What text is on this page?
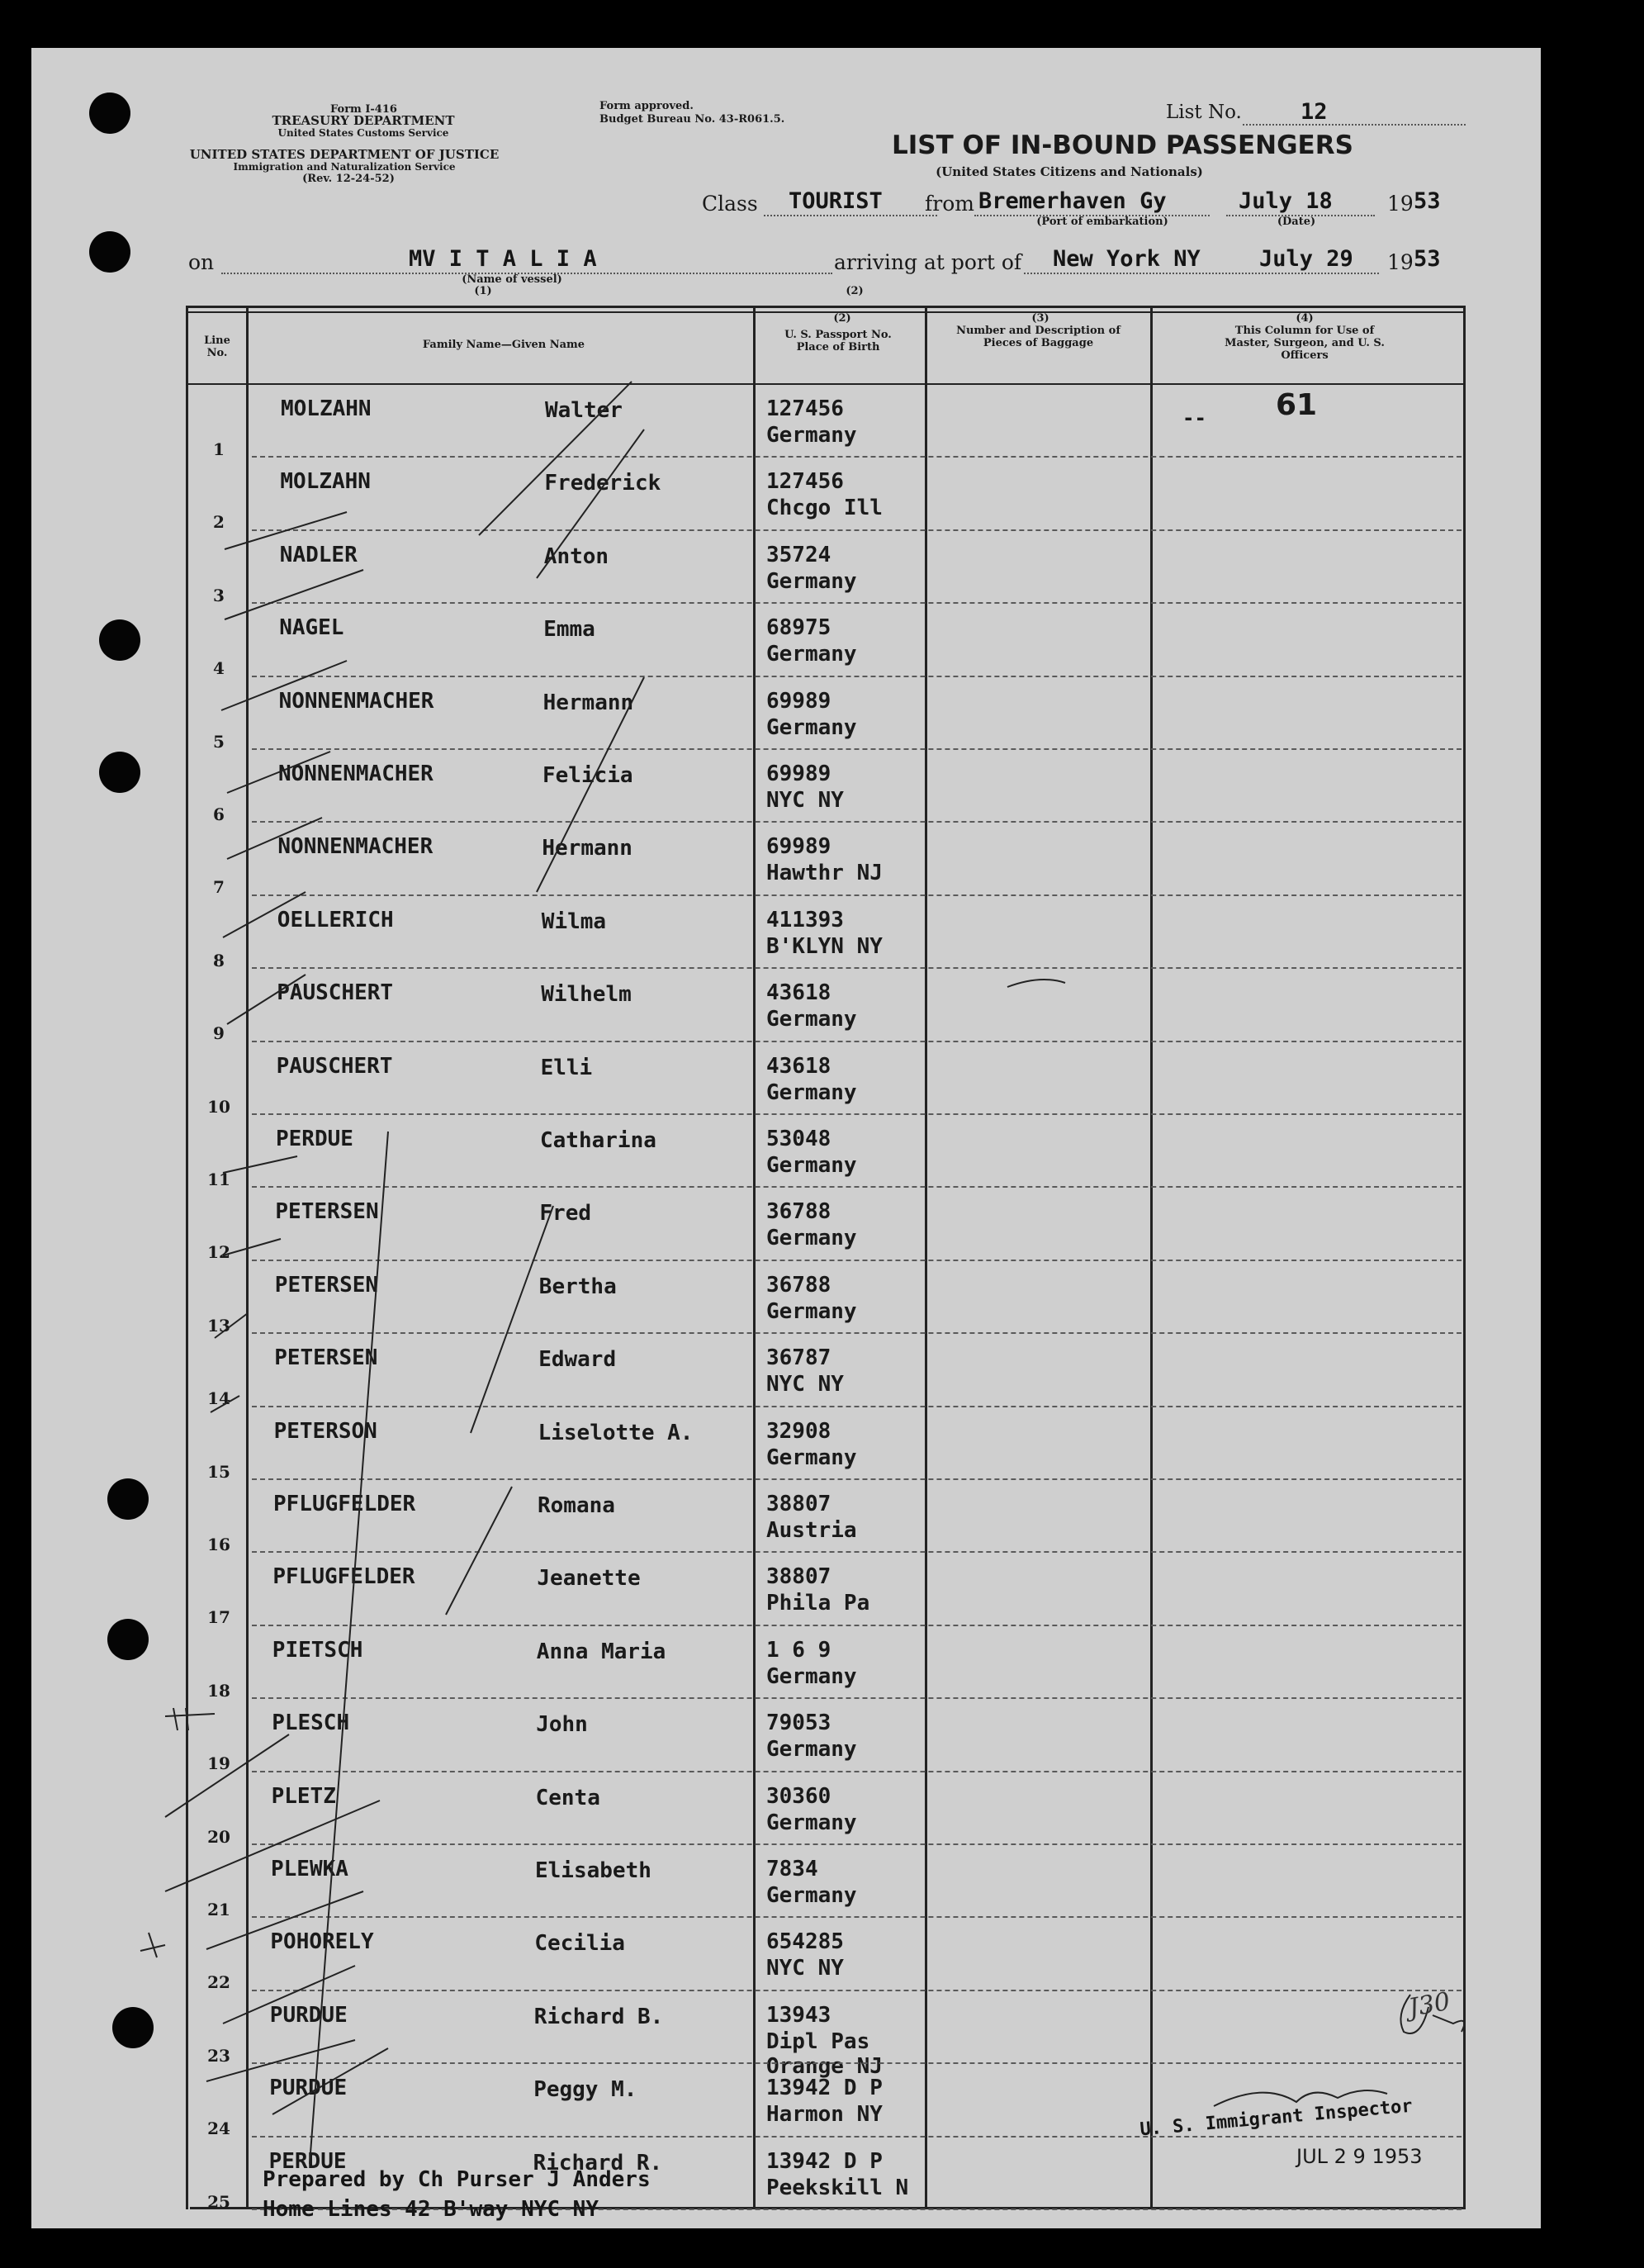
Form I-416
TREASURY DEPARTMENT
United States Customs Service
UNITED STATES DEPARTMENT OF JUSTICE
Immigration and Naturalization Service
(Rev. 12-24-52)
Form approved.
Budget Bureau No. 43-R061.5.	List No.	12
LIST OF IN-BOUND PASSENGERS
(United States Citizens and Nationals)
Class TOURIST from Bremerhaven Gy
(Port of embarkation)
July 18
(Date)
19 53
on	MV I T A L I A
(Name of vessel)
(1)
arriving at port of New York NY	July 29 19 53
(2)
Line No.
Family Name—Given Name
(2)
U. S. Passport No. Place of Birth
(3)
Number and Description of Pieces of Baggage
(4)
This Column for Use of Master, Surgeon, and U. S. Officers
1
MOLZAHN	Walter	127456
Germany
2
MOLZAHN	Frederick	127456
Chcgo Ill
3
NADLER	Anton	35724
Germany
4
NAGEL	Emma	68975
Germany
5
NONNENMACHER	Hermann	69989
Germany
6
NONNENMACHER	Felicia	69989
NYC NY
7
NONNENMACHER	Hermann	69989
Hawthr NJ
8
OELLERICH	Wilma	411393
B'KLYN NY
9
PAUSCHERT	Wilhelm	43618
Germany
10
PAUSCHERT	Elli	43618
Germany
11
PERDUE	Catharina	53048
Germany
12
PETERSEN	Fred	36788
Germany
13
PETERSEN	Bertha	36788
Germany
14
PETERSEN	Edward	36787
NYC NY
15
PETERSON	Liselotte A.	32908
Germany
16
PFLUGFELDER	Romana	38807
Austria
17
PFLUGFELDER	Jeanette	38807
Phila Pa
18
PIETSCH	Anna Maria	1 6 9
Germany
19
PLESCH	John	79053
Germany
20
PLETZ	Centa	30360
Germany
21
PLEWKA	Elisabeth	7834
Germany
22
POHORELY	Cecilia	654285
NYC NY
23
PURDUE	Richard B.	13943
Dipl Pas
Orange NJ
24
PURDUE	Peggy M.	13942 D P
Harmon NY
25
PERDUE	Richard R.	13942 D P
Peekskill N
-- 61
Prepared by Ch Purser J Anders
Home Lines 42 B'way NYC NY
U. S. Immigrant Inspector
JUL 2 9 1953
J30
